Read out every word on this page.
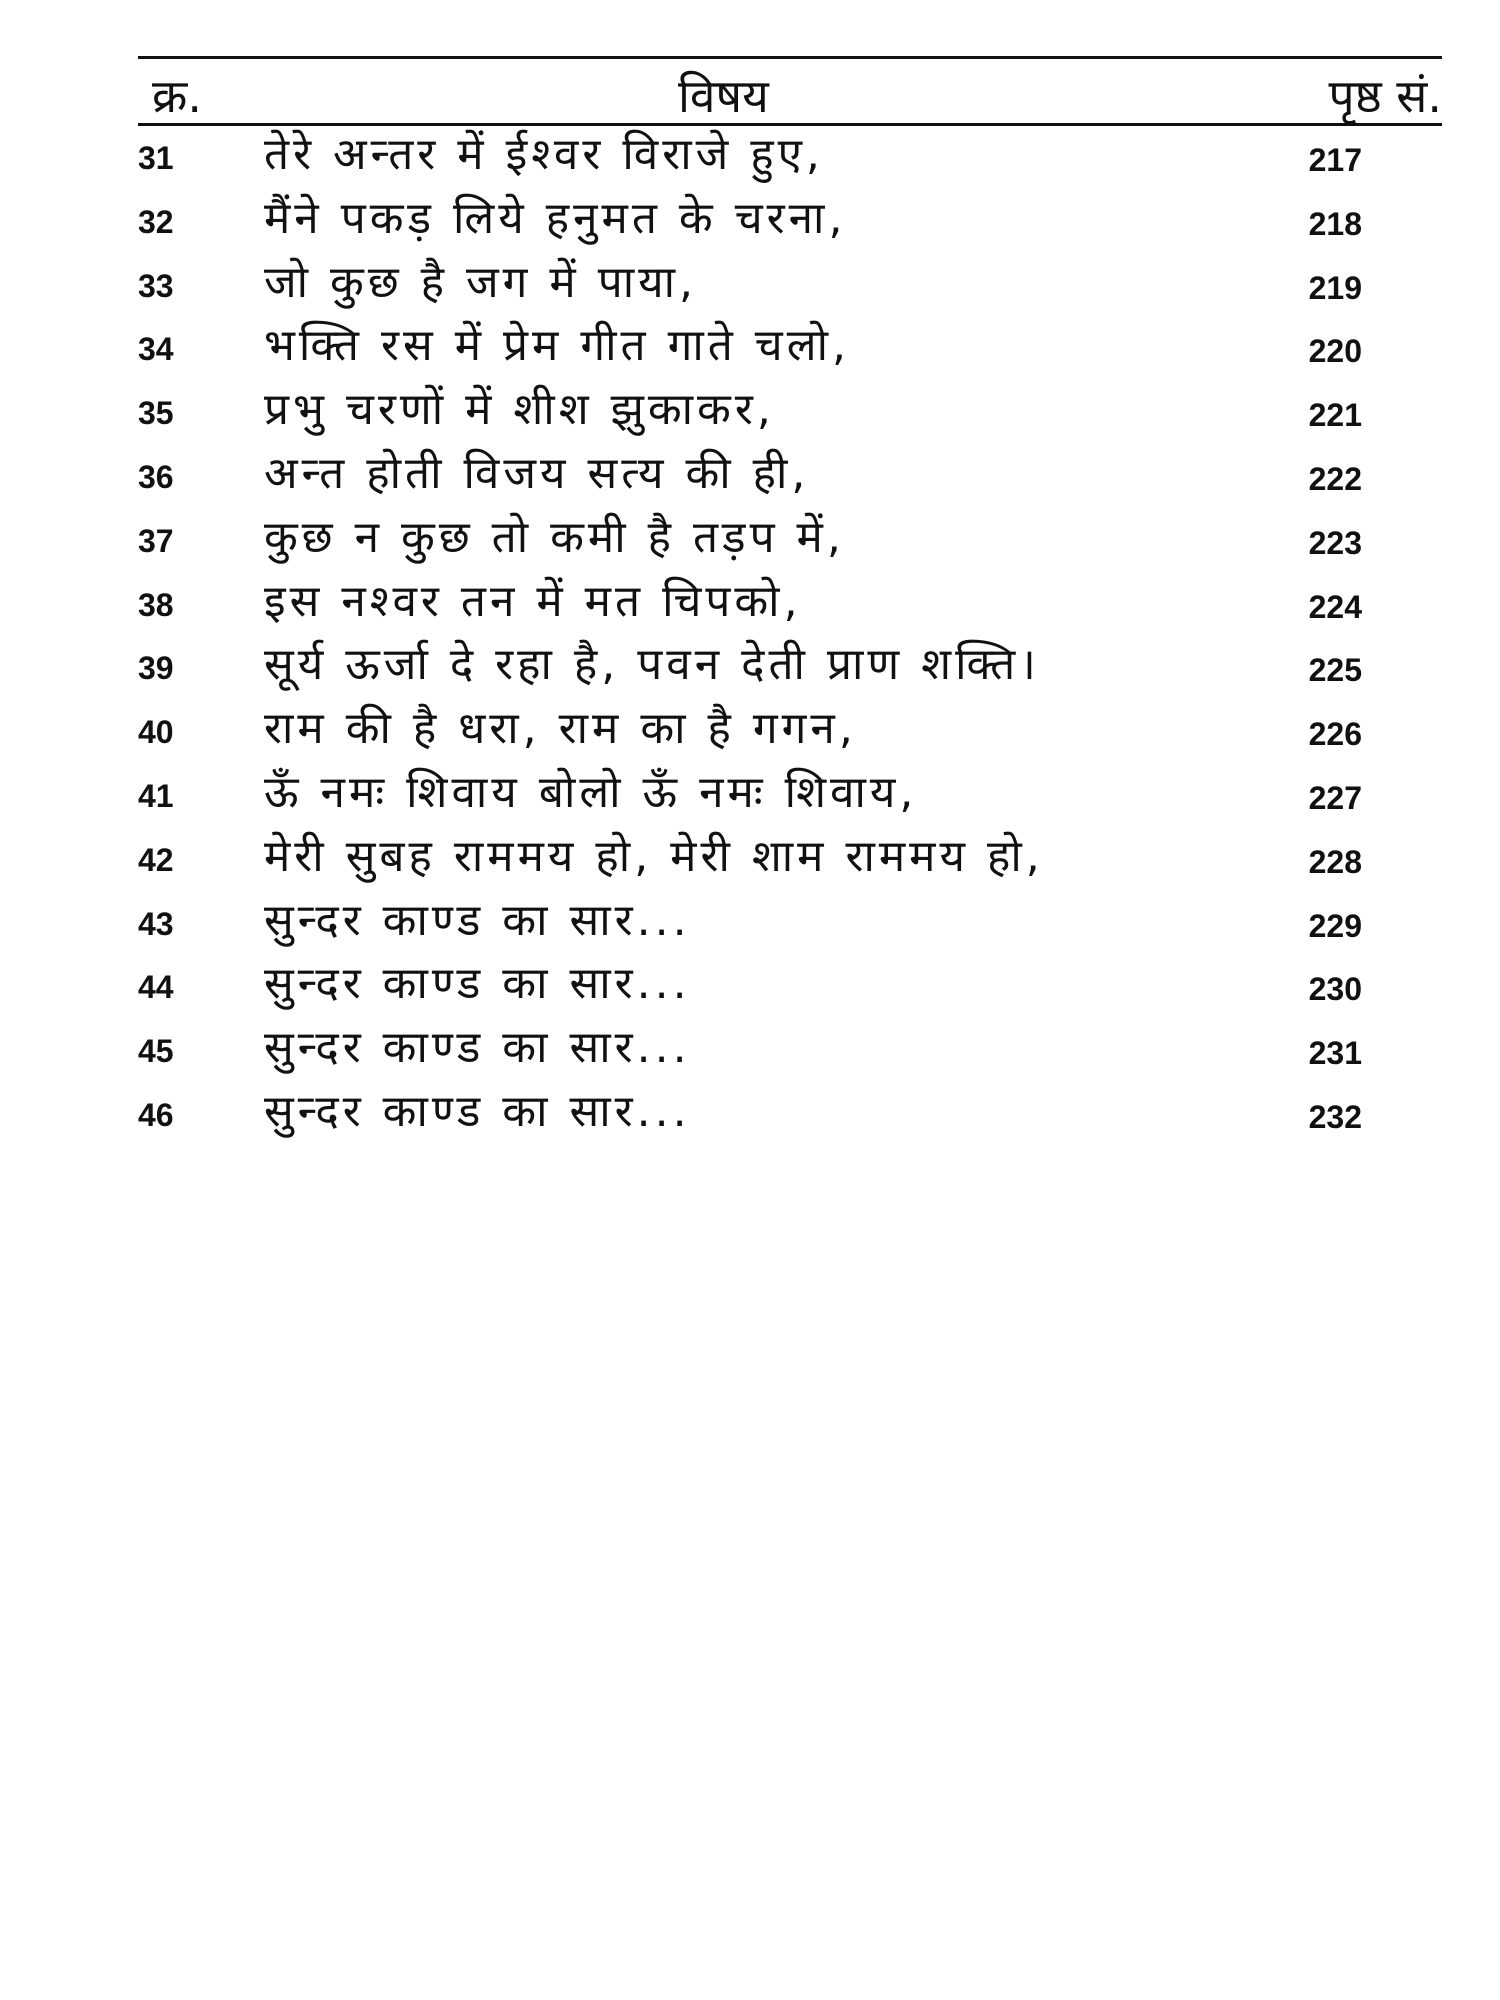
क्र.	विषय	पृष्ठ सं.
31 तेरे अन्तर में ईश्वर विराजे हुए,	217
32 मैंने पकड़ लिये हनुमत के चरना,	218
33 जो कुछ है जग में पाया,	219
34 भक्ति रस में प्रेम गीत गाते चलो,	220
35 प्रभु चरणों में शीश झुकाकर,	221
36 अन्त होती विजय सत्य की ही,	222
37 कुछ न कुछ तो कमी है तड़प में,	223
38 इस नश्वर तन में मत चिपको,	224
39 सूर्य ऊर्जा दे रहा है, पवन देती प्राण शक्ति।	225
40 राम की है धरा, राम का है गगन,	226
41 ऊँ नमः शिवाय बोलो ऊँ नमः शिवाय,	227
42 मेरी सुबह राममय हो, मेरी शाम राममय हो,	228
43 सुन्दर काण्ड का सार...	229
44 सुन्दर काण्ड का सार...	230
45 सुन्दर काण्ड का सार...	231
46 सुन्दर काण्ड का सार...	232
